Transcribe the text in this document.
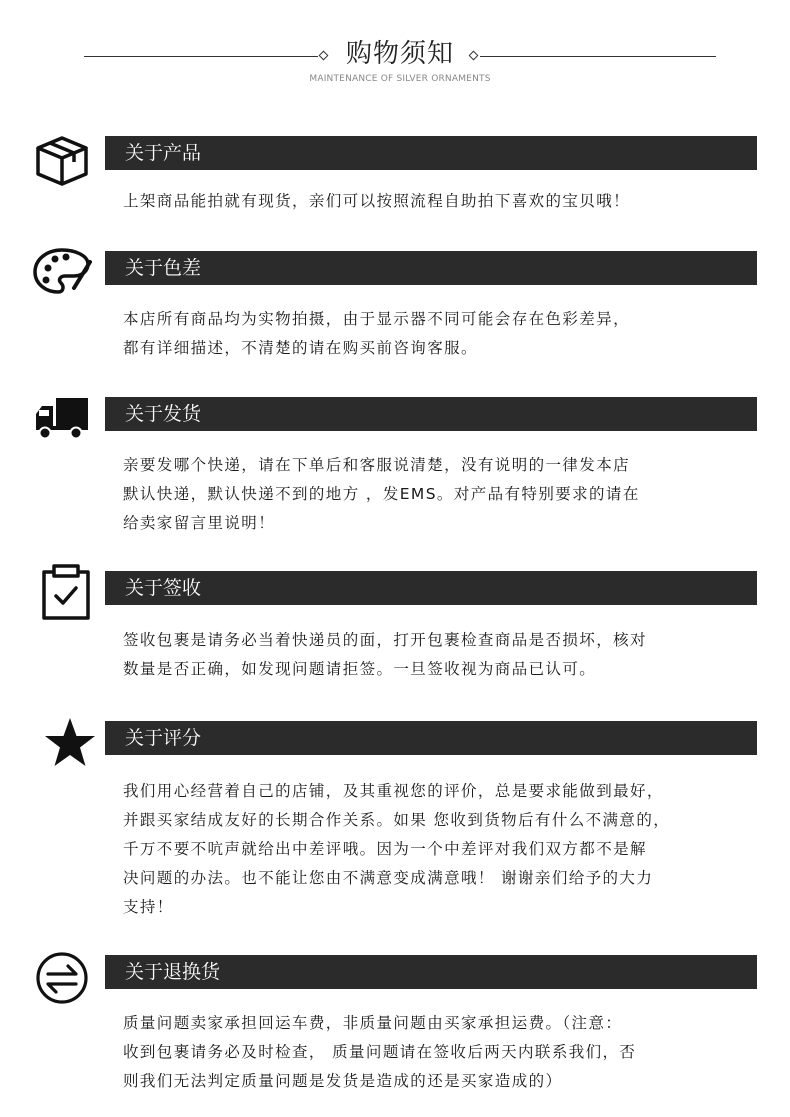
购物须知
MAINTENANCE OF SILVER ORNAMENTS
关于产品
上架商品能拍就有现货，亲们可以按照流程自助拍下喜欢的宝贝哦！
关于色差
本店所有商品均为实物拍摄，由于显示器不同可能会存在色彩差异，
都有详细描述，不清楚的请在购买前咨询客服。
关于发货
亲要发哪个快递，请在下单后和客服说清楚，没有说明的一律发本店
默认快递，默认快递不到的地方 ，发EMS。对产品有特别要求的请在
给卖家留言里说明！
关于签收
签收包裹是请务必当着快递员的面，打开包裹检查商品是否损坏，核对
数量是否正确，如发现问题请拒签。一旦签收视为商品已认可。
关于评分
我们用心经营着自己的店铺，及其重视您的评价，总是要求能做到最好，
并跟买家结成友好的长期合作关系。如果 您收到货物后有什么不满意的，
千万不要不吭声就给出中差评哦。因为一个中差评对我们双方都不是解
决问题的办法。也不能让您由不满意变成满意哦！ 谢谢亲们给予的大力
支持！
关于退换货
质量问题卖家承担回运车费，非质量问题由买家承担运费。（注意：
收到包裹请务必及时检查， 质量问题请在签收后两天内联系我们，否
则我们无法判定质量问题是发货是造成的还是买家造成的）
